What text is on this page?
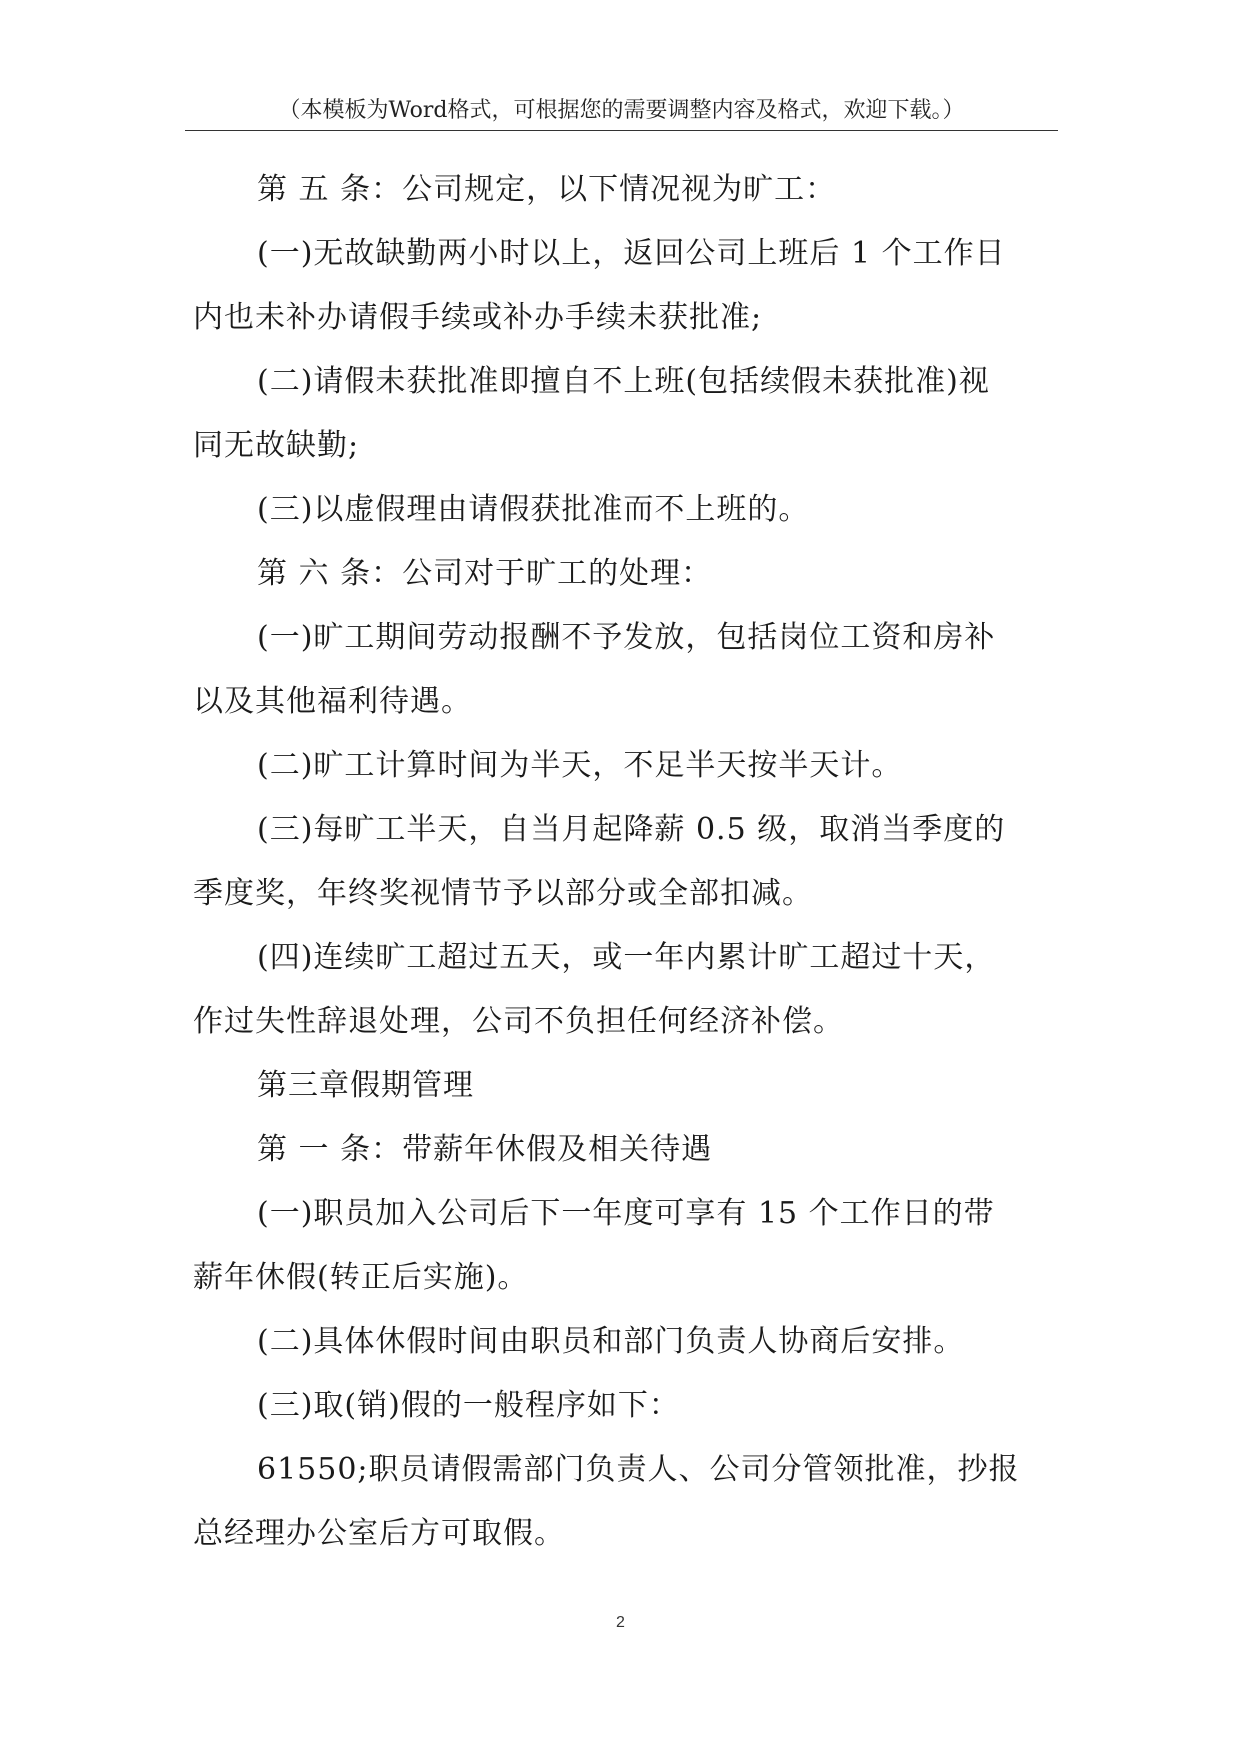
（本模板为Word格式，可根据您的需要调整内容及格式，欢迎下载。）

第 五 条：公司规定，以下情况视为旷工：

(一)无故缺勤两小时以上，返回公司上班后 1 个工作日
内也未补办请假手续或补办手续未获批准;

(二)请假未获批准即擅自不上班(包括续假未获批准)视
同无故缺勤;

(三)以虚假理由请假获批准而不上班的。

第 六 条：公司对于旷工的处理：

(一)旷工期间劳动报酬不予发放，包括岗位工资和房补
以及其他福利待遇。

(二)旷工计算时间为半天，不足半天按半天计。

(三)每旷工半天，自当月起降薪 0.5 级，取消当季度的
季度奖，年终奖视情节予以部分或全部扣减。

(四)连续旷工超过五天，或一年内累计旷工超过十天，
作过失性辞退处理，公司不负担任何经济补偿。

第三章假期管理

第 一 条：带薪年休假及相关待遇

(一)职员加入公司后下一年度可享有 15 个工作日的带
薪年休假(转正后实施)。

(二)具体休假时间由职员和部门负责人协商后安排。

(三)取(销)假的一般程序如下：

61550;职员请假需部门负责人、公司分管领批准，抄报
总经理办公室后方可取假。

2
